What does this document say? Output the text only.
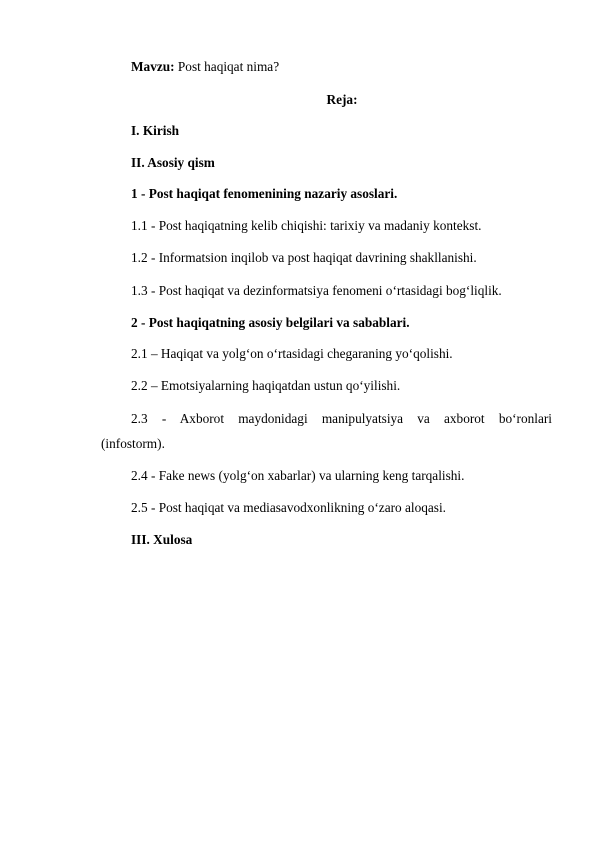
Mavzu: Post haqiqat nima?
Reja:
I. Kirish
II. Asosiy qism
1 - Post haqiqat fenomenining nazariy asoslari.
1.1 - Post haqiqatning kelib chiqishi: tarixiy va madaniy kontekst.
1.2 - Informatsion inqilob va post haqiqat davrining shakllanishi.
1.3 - Post haqiqat va dezinformatsiya fenomeni o‘rtasidagi bog‘liqlik.
2 - Post haqiqatning asosiy belgilari va sabablari.
2.1 – Haqiqat va yolg‘on o‘rtasidagi chegaraning yo‘qolishi.
2.2 – Emotsiyalarning haqiqatdan ustun qo‘yilishi.
2.3 - Axborot maydonidagi manipulyatsiya va axborot bo‘ronlari
(infostorm).
2.4 - Fake news (yolg‘on xabarlar) va ularning keng tarqalishi.
2.5 - Post haqiqat va mediasavodxonlikning o‘zaro aloqasi.
III. Xulosa
